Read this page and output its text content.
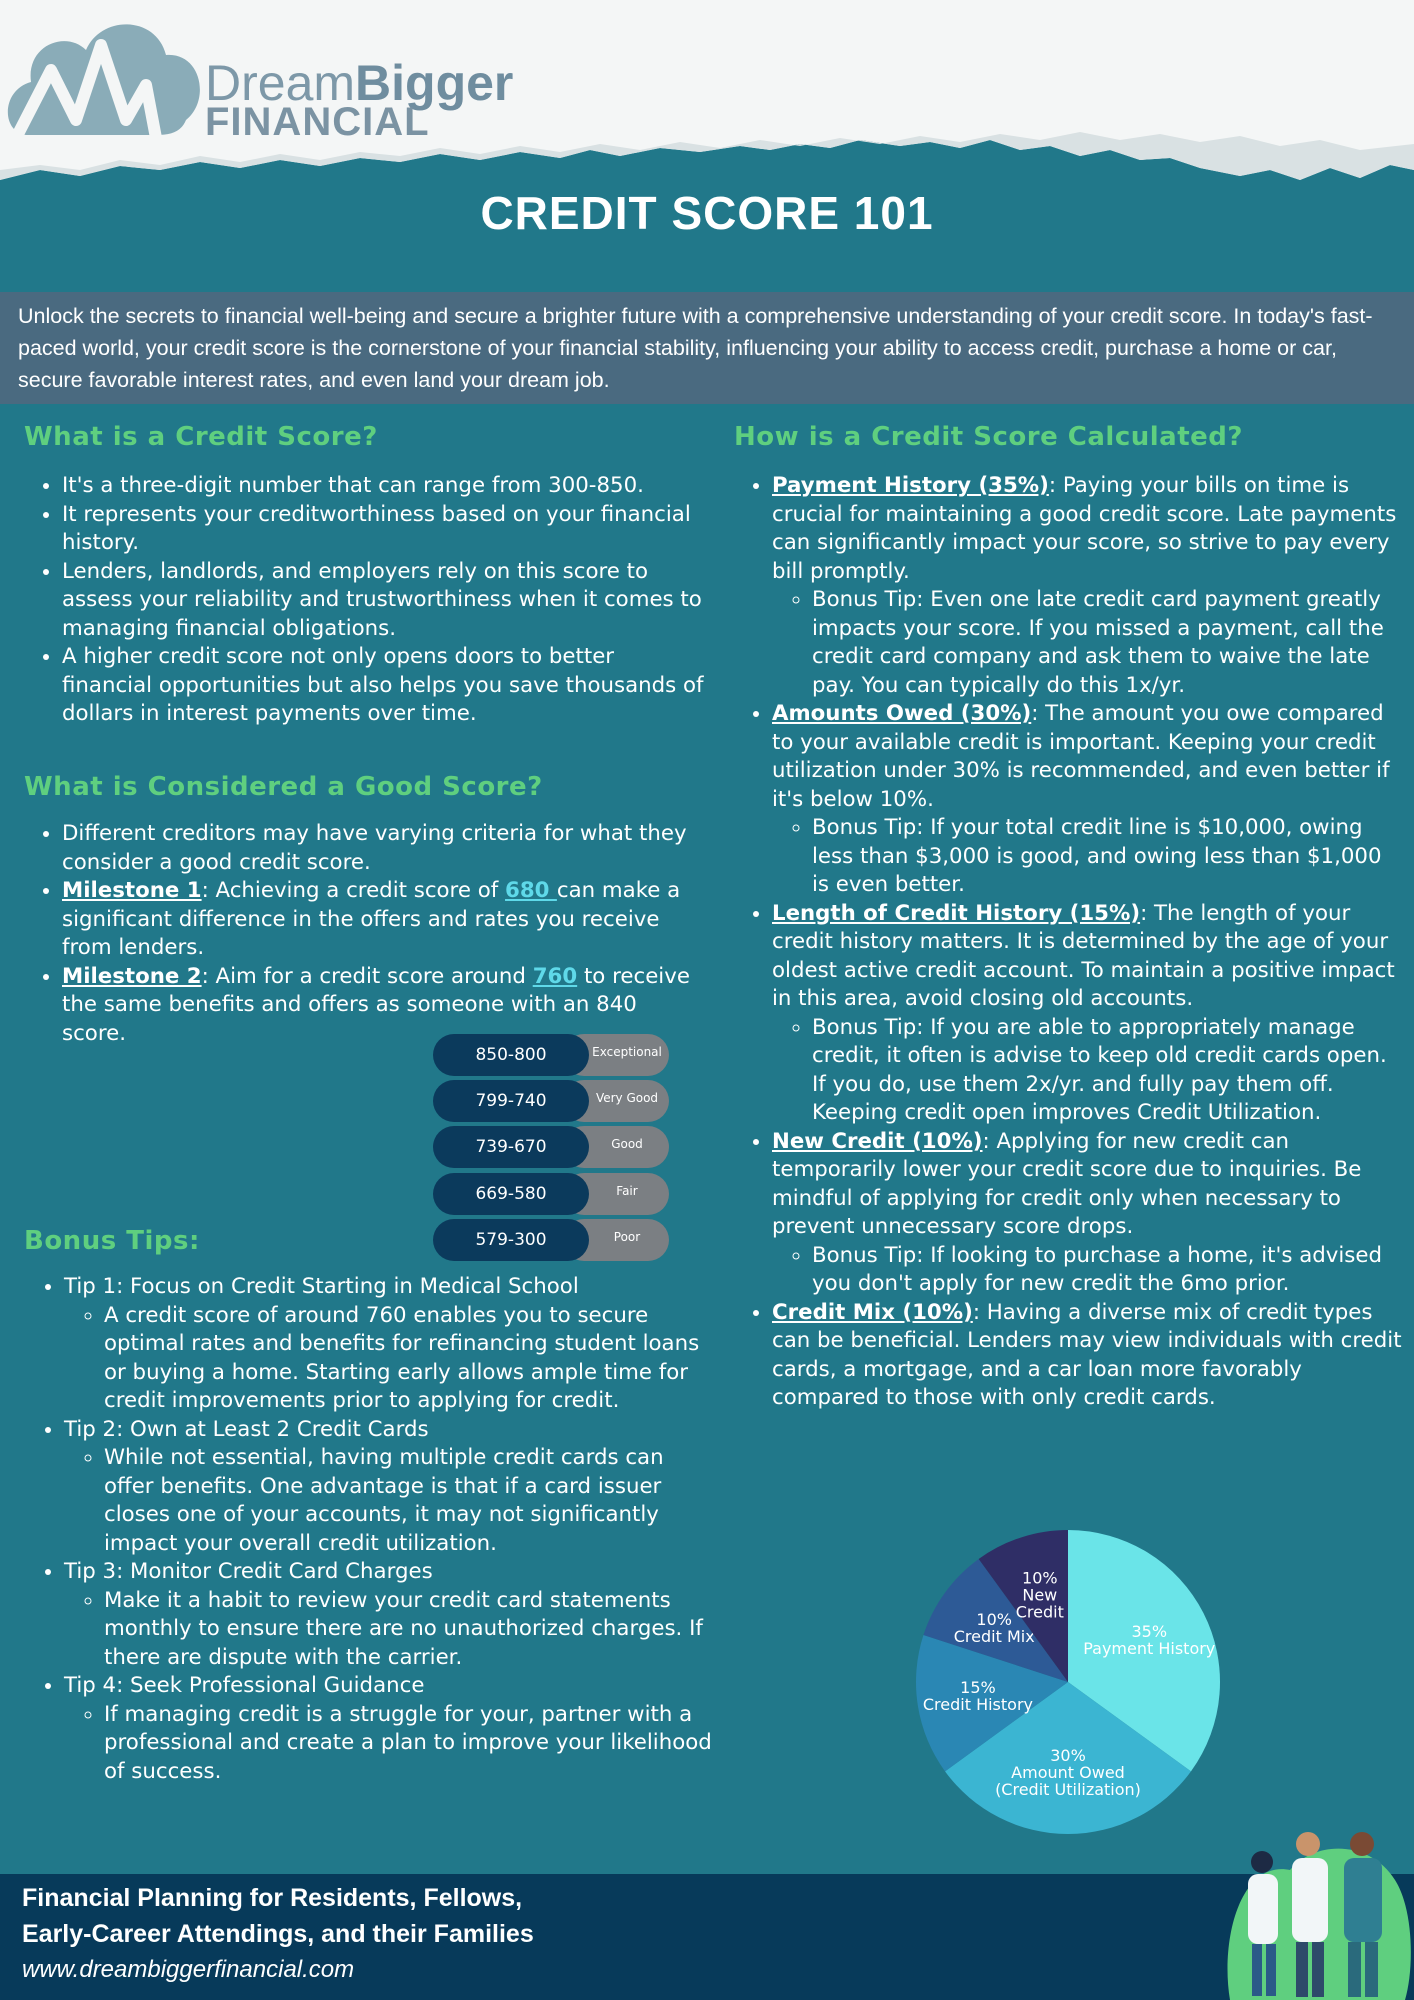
DreamBigger
FINANCIAL
CREDIT SCORE 101
Unlock the secrets to financial well-being and secure a brighter future with a comprehensive understanding of your credit score. In today's fast-paced world, your credit score is the cornerstone of your financial stability, influencing your ability to access credit, purchase a home or car, secure favorable interest rates, and even land your dream job.
What is a Credit Score?
• It's a three-digit number that can range from 300-850.
• It represents your creditworthiness based on your financial history.
• Lenders, landlords, and employers rely on this score to assess your reliability and trustworthiness when it comes to managing financial obligations.
• A higher credit score not only opens doors to better financial opportunities but also helps you save thousands of dollars in interest payments over time.
What is Considered a Good Score?
• Different creditors may have varying criteria for what they consider a good credit score.
• Milestone 1: Achieving a credit score of 680 can make a significant difference in the offers and rates you receive from lenders.
• Milestone 2: Aim for a credit score around 760 to receive the same benefits and offers as someone with an 840 score.
850-800	Exceptional
799-740	Very Good
739-670	Good
669-580	Fair
579-300	Poor
Bonus Tips:
• Tip 1: Focus on Credit Starting in Medical School
◦ A credit score of around 760 enables you to secure optimal rates and benefits for refinancing student loans or buying a home. Starting early allows ample time for credit improvements prior to applying for credit.
• Tip 2: Own at Least 2 Credit Cards
◦ While not essential, having multiple credit cards can offer benefits. One advantage is that if a card issuer closes one of your accounts, it may not significantly impact your overall credit utilization.
• Tip 3: Monitor Credit Card Charges
◦ Make it a habit to review your credit card statements monthly to ensure there are no unauthorized charges. If there are dispute with the carrier.
• Tip 4: Seek Professional Guidance
◦ If managing credit is a struggle for your, partner with a professional and create a plan to improve your likelihood of success.
How is a Credit Score Calculated?
• Payment History (35%): Paying your bills on time is crucial for maintaining a good credit score. Late payments can significantly impact your score, so strive to pay every bill promptly.
◦ Bonus Tip: Even one late credit card payment greatly impacts your score. If you missed a payment, call the credit card company and ask them to waive the late pay. You can typically do this 1x/yr.
• Amounts Owed (30%): The amount you owe compared to your available credit is important. Keeping your credit utilization under 30% is recommended, and even better if it's below 10%.
◦ Bonus Tip: If your total credit line is $10,000, owing less than $3,000 is good, and owing less than $1,000 is even better.
• Length of Credit History (15%): The length of your credit history matters. It is determined by the age of your oldest active credit account. To maintain a positive impact in this area, avoid closing old accounts.
◦ Bonus Tip: If you are able to appropriately manage credit, it often is advise to keep old credit cards open. If you do, use them 2x/yr. and fully pay them off. Keeping credit open improves Credit Utilization.
• New Credit (10%): Applying for new credit can temporarily lower your credit score due to inquiries. Be mindful of applying for credit only when necessary to prevent unnecessary score drops.
◦ Bonus Tip: If looking to purchase a home, it's advised you don't apply for new credit the 6mo prior.
• Credit Mix (10%): Having a diverse mix of credit types can be beneficial. Lenders may view individuals with credit cards, a mortgage, and a car loan more favorably compared to those with only credit cards.
35% Payment History
30% Amount Owed (Credit Utilization)
15% Credit History
10% Credit Mix
10% New Credit
Financial Planning for Residents, Fellows,
Early-Career Attendings, and their Families
www.dreambiggerfinancial.com
